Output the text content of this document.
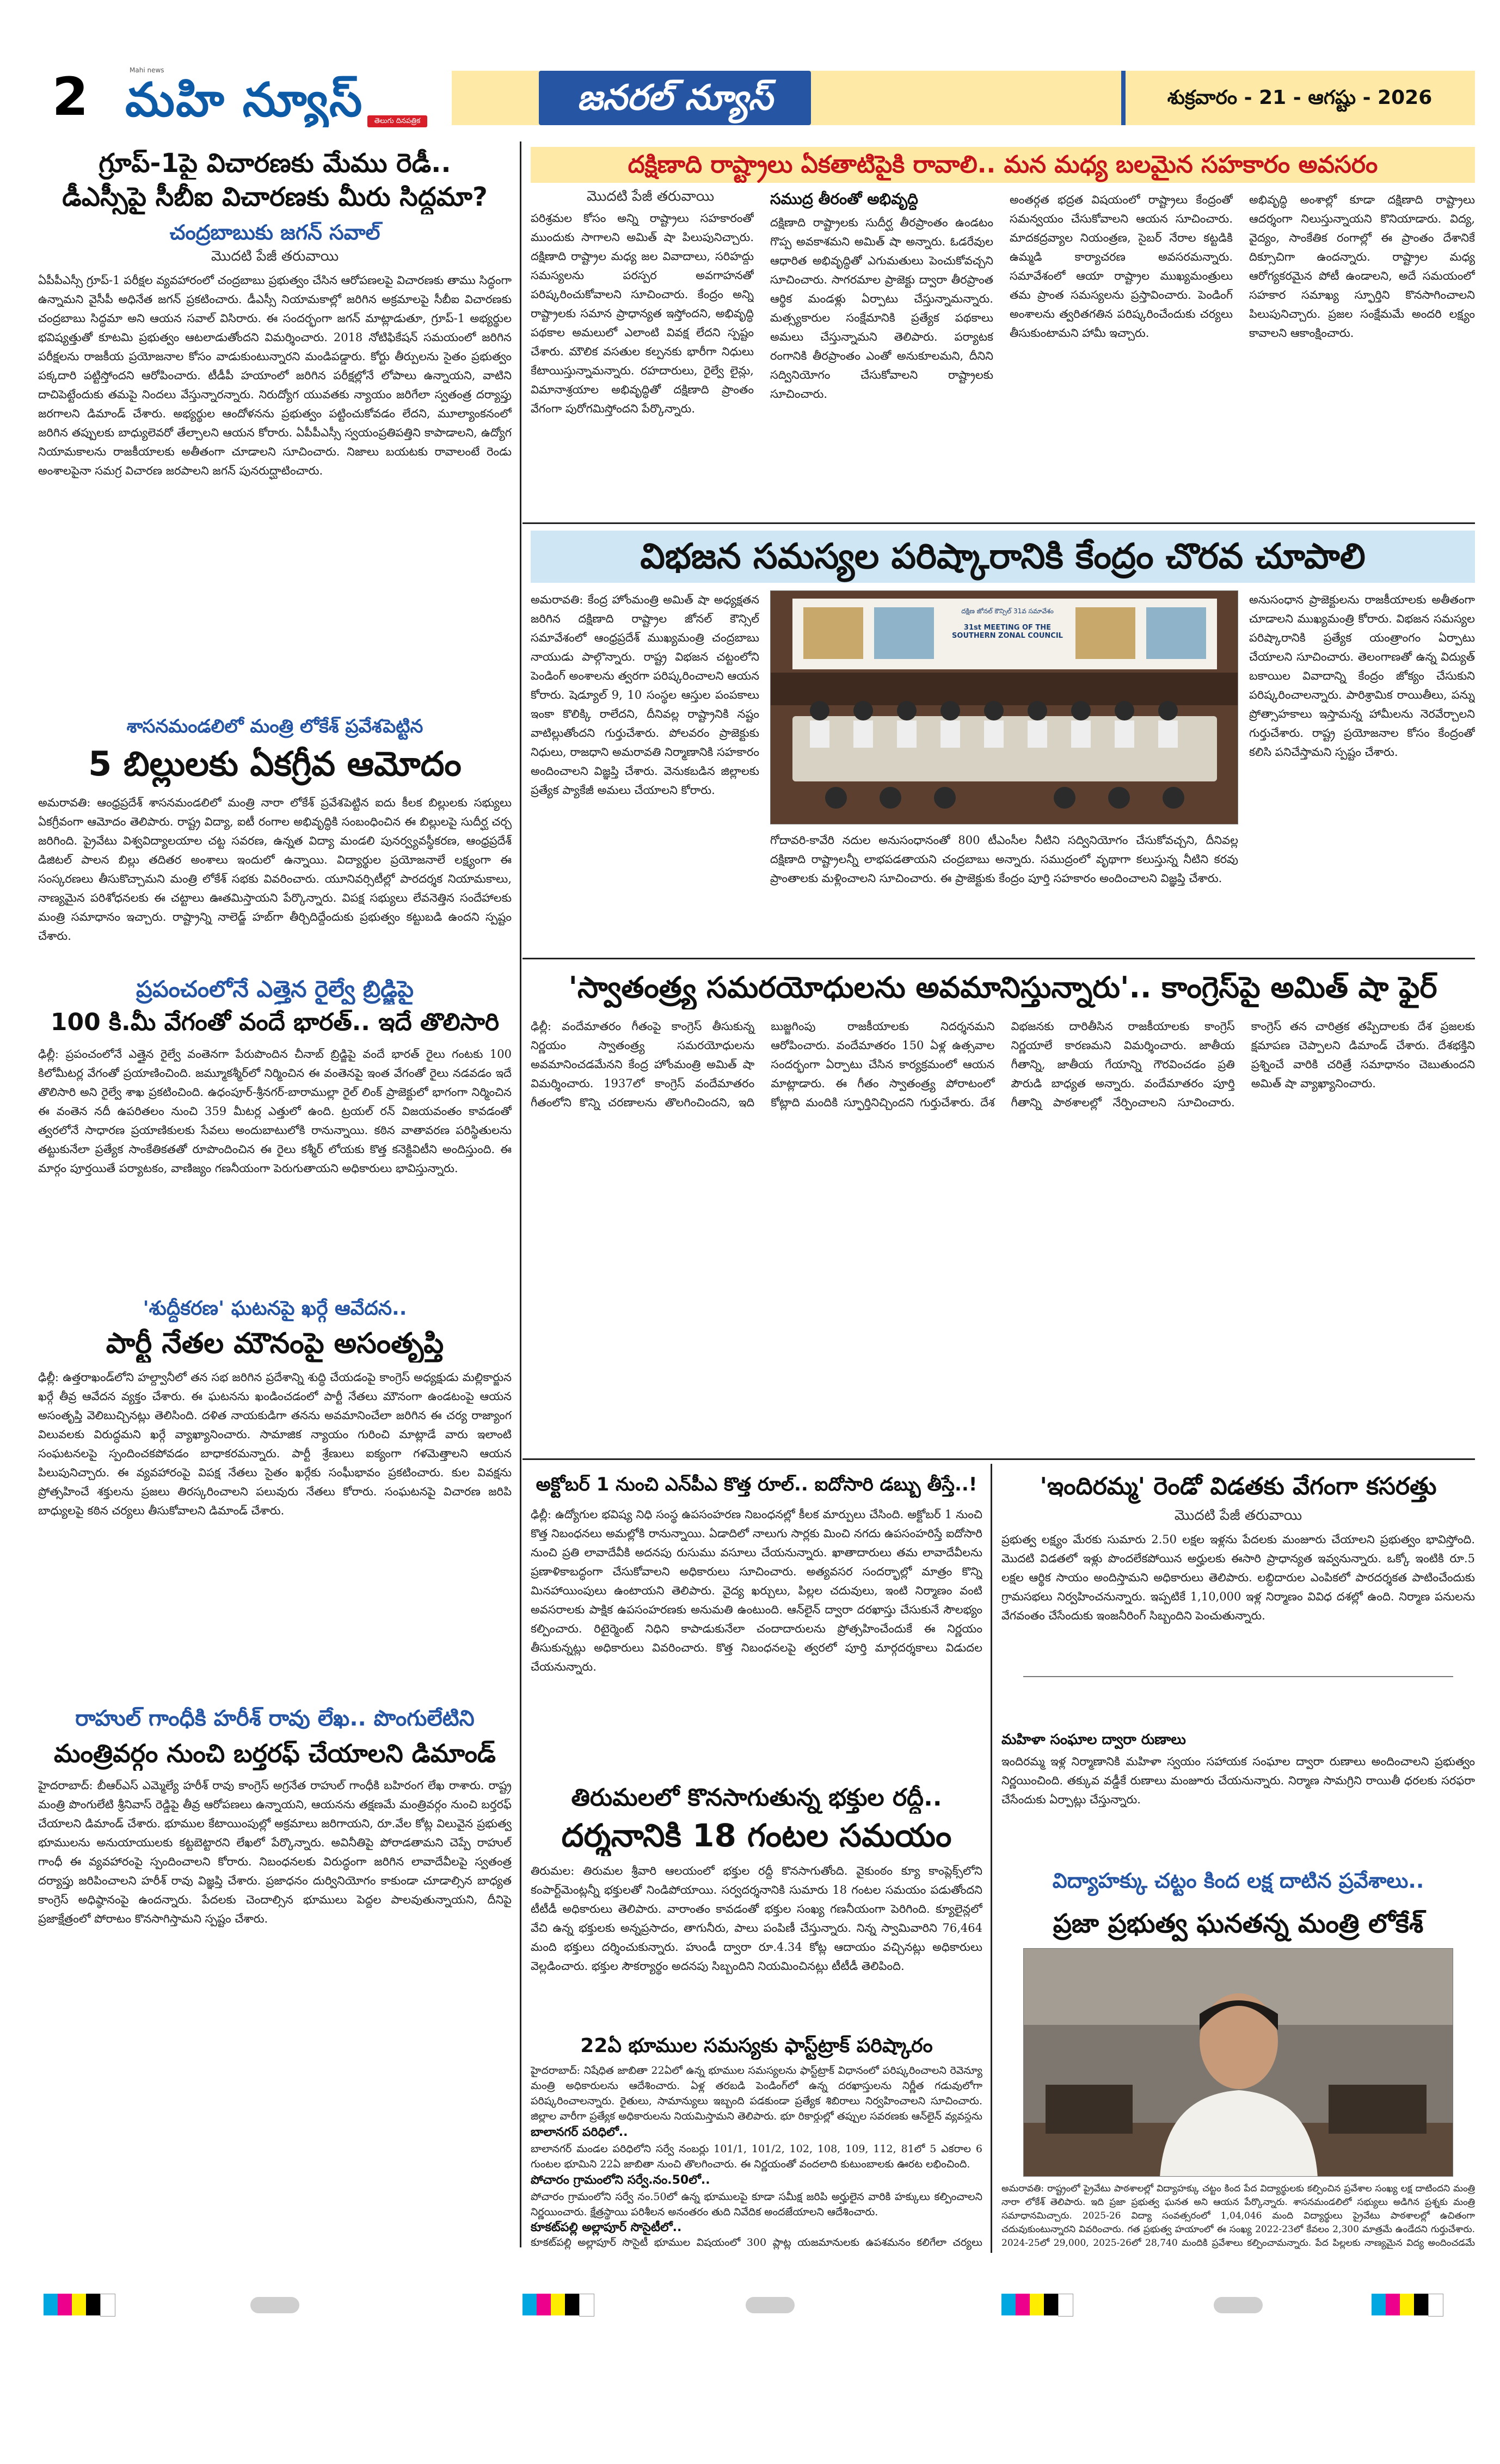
2	Mahi news
మహి న్యూస్	తెలుగు దినపత్రిక
జనరల్ న్యూస్	శుక్రవారం - 21 - ఆగష్టు - 2026
గ్రూప్-1పై విచారణకు మేము రెడీ..
డీఎస్సీపై సీబీఐ విచారణకు మీరు సిద్ధమా?
చంద్రబాబుకు జగన్ సవాల్
మొదటి పేజీ తరువాయి
ఏపీపీఎస్సీ గ్రూప్-1 పరీక్షల వ్యవహారంలో చంద్రబాబు ప్రభుత్వం చేసిన ఆరోపణలపై విచారణకు తాము సిద్ధంగా ఉన్నామని వైసీపీ అధినేత జగన్ ప్రకటించారు. డీఎస్సీ నియామకాల్లో జరిగిన అక్రమాలపై సీబీఐ విచారణకు చంద్రబాబు సిద్ధమా అని ఆయన సవాల్ విసిరారు. ఈ సందర్భంగా జగన్ మాట్లాడుతూ, గ్రూప్-1 అభ్యర్థుల భవిష్యత్తుతో కూటమి ప్రభుత్వం ఆటలాడుతోందని విమర్శించారు. 2018 నోటిఫికేషన్ సమయంలో జరిగిన పరీక్షలను రాజకీయ ప్రయోజనాల కోసం వాడుకుంటున్నారని మండిపడ్డారు. కోర్టు తీర్పులను సైతం ప్రభుత్వం పక్కదారి పట్టిస్తోందని ఆరోపించారు. టీడీపీ హయాంలో జరిగిన పరీక్షల్లోనే లోపాలు ఉన్నాయని, వాటిని దాచిపెట్టేందుకు తమపై నిందలు వేస్తున్నారన్నారు. నిరుద్యోగ యువతకు న్యాయం జరిగేలా స్వతంత్ర దర్యాప్తు జరగాలని డిమాండ్ చేశారు. అభ్యర్థుల ఆందోళనను ప్రభుత్వం పట్టించుకోవడం లేదని, మూల్యాంకనంలో జరిగిన తప్పులకు బాధ్యులెవరో తేల్చాలని ఆయన కోరారు. ఏపీపీఎస్సీ స్వయంప్రతిపత్తిని కాపాడాలని, ఉద్యోగ నియామకాలను రాజకీయాలకు అతీతంగా చూడాలని సూచించారు. నిజాలు బయటకు రావాలంటే రెండు అంశాలపైనా సమగ్ర విచారణ జరపాలని జగన్ పునరుద్ఘాటించారు.
శాసనమండలిలో మంత్రి లోకేశ్ ప్రవేశపెట్టిన
5 బిల్లులకు ఏకగ్రీవ ఆమోదం
అమరావతి: ఆంధ్రప్రదేశ్ శాసనమండలిలో మంత్రి నారా లోకేశ్ ప్రవేశపెట్టిన ఐదు కీలక బిల్లులకు సభ్యులు ఏకగ్రీవంగా ఆమోదం తెలిపారు. రాష్ట్ర విద్యా, ఐటీ రంగాల అభివృద్ధికి సంబంధించిన ఈ బిల్లులపై సుదీర్ఘ చర్చ జరిగింది. ప్రైవేటు విశ్వవిద్యాలయాల చట్ట సవరణ, ఉన్నత విద్యా మండలి పునర్వ్యవస్థీకరణ, ఆంధ్రప్రదేశ్ డిజిటల్ పాలన బిల్లు తదితర అంశాలు ఇందులో ఉన్నాయి. విద్యార్థుల ప్రయోజనాలే లక్ష్యంగా ఈ సంస్కరణలు తీసుకొచ్చామని మంత్రి లోకేశ్ సభకు వివరించారు. యూనివర్సిటీల్లో పారదర్శక నియామకాలు, నాణ్యమైన పరిశోధనలకు ఈ చట్టాలు ఊతమిస్తాయని పేర్కొన్నారు. విపక్ష సభ్యులు లేవనెత్తిన సందేహాలకు మంత్రి సమాధానం ఇచ్చారు. రాష్ట్రాన్ని నాలెడ్జ్ హబ్‌గా తీర్చిదిద్దేందుకు ప్రభుత్వం కట్టుబడి ఉందని స్పష్టం చేశారు.
ప్రపంచంలోనే ఎత్తైన రైల్వే బ్రిడ్జిపై
100 కి.మీ వేగంతో వందే భారత్.. ఇదే తొలిసారి
ఢిల్లీ: ప్రపంచంలోనే ఎత్తైన రైల్వే వంతెనగా పేరుపొందిన చీనాబ్ బ్రిడ్జిపై వందే భారత్ రైలు గంటకు 100 కిలోమీటర్ల వేగంతో ప్రయాణించింది. జమ్మూకశ్మీర్‌లో నిర్మించిన ఈ వంతెనపై ఇంత వేగంతో రైలు నడవడం ఇదే తొలిసారి అని రైల్వే శాఖ ప్రకటించింది. ఉధంపూర్-శ్రీనగర్-బారాముల్లా రైల్ లింక్ ప్రాజెక్టులో భాగంగా నిర్మించిన ఈ వంతెన నదీ ఉపరితలం నుంచి 359 మీటర్ల ఎత్తులో ఉంది. ట్రయల్ రన్ విజయవంతం కావడంతో త్వరలోనే సాధారణ ప్రయాణికులకు సేవలు అందుబాటులోకి రానున్నాయి. కఠిన వాతావరణ పరిస్థితులను తట్టుకునేలా ప్రత్యేక సాంకేతికతతో రూపొందించిన ఈ రైలు కశ్మీర్ లోయకు కొత్త కనెక్టివిటీని అందిస్తుంది. ఈ మార్గం పూర్తయితే పర్యాటకం, వాణిజ్యం గణనీయంగా పెరుగుతాయని అధికారులు భావిస్తున్నారు.
'శుద్ధీకరణ' ఘటనపై ఖర్గే ఆవేదన..
పార్టీ నేతల మౌనంపై అసంతృప్తి
ఢిల్లీ: ఉత్తరాఖండ్‌లోని హల్ద్వానీలో తన సభ జరిగిన ప్రదేశాన్ని శుద్ధి చేయడంపై కాంగ్రెస్ అధ్యక్షుడు మల్లికార్జున ఖర్గే తీవ్ర ఆవేదన వ్యక్తం చేశారు. ఈ ఘటనను ఖండించడంలో పార్టీ నేతలు మౌనంగా ఉండటంపై ఆయన అసంతృప్తి వెలిబుచ్చినట్లు తెలిసింది. దళిత నాయకుడిగా తనను అవమానించేలా జరిగిన ఈ చర్య రాజ్యాంగ విలువలకు విరుద్ధమని ఖర్గే వ్యాఖ్యానించారు. సామాజిక న్యాయం గురించి మాట్లాడే వారు ఇలాంటి సంఘటనలపై స్పందించకపోవడం బాధాకరమన్నారు. పార్టీ శ్రేణులు ఐక్యంగా గళమెత్తాలని ఆయన పిలుపునిచ్చారు. ఈ వ్యవహారంపై విపక్ష నేతలు సైతం ఖర్గేకు సంఘీభావం ప్రకటించారు. కుల వివక్షను ప్రోత్సహించే శక్తులను ప్రజలు తిరస్కరించాలని పలువురు నేతలు కోరారు. సంఘటనపై విచారణ జరిపి బాధ్యులపై కఠిన చర్యలు తీసుకోవాలని డిమాండ్ చేశారు.
రాహుల్ గాంధీకి హరీశ్ రావు లేఖ.. పొంగులేటిని
మంత్రివర్గం నుంచి బర్తరఫ్ చేయాలని డిమాండ్
హైదరాబాద్: బీఆర్ఎస్ ఎమ్మెల్యే హరీశ్ రావు కాంగ్రెస్ అగ్రనేత రాహుల్ గాంధీకి బహిరంగ లేఖ రాశారు. రాష్ట్ర మంత్రి పొంగులేటి శ్రీనివాస్ రెడ్డిపై తీవ్ర ఆరోపణలు ఉన్నాయని, ఆయనను తక్షణమే మంత్రివర్గం నుంచి బర్తరఫ్ చేయాలని డిమాండ్ చేశారు. భూముల కేటాయింపుల్లో అక్రమాలు జరిగాయని, రూ.వేల కోట్ల విలువైన ప్రభుత్వ భూములను అనుయాయులకు కట్టబెట్టారని లేఖలో పేర్కొన్నారు. అవినీతిపై పోరాడతామని చెప్పే రాహుల్ గాంధీ ఈ వ్యవహారంపై స్పందించాలని కోరారు. నిబంధనలకు విరుద్ధంగా జరిగిన లావాదేవీలపై స్వతంత్ర దర్యాప్తు జరిపించాలని హరీశ్ రావు విజ్ఞప్తి చేశారు. ప్రజాధనం దుర్వినియోగం కాకుండా చూడాల్సిన బాధ్యత కాంగ్రెస్ అధిష్ఠానంపై ఉందన్నారు. పేదలకు చెందాల్సిన భూములు పెద్దల పాలవుతున్నాయని, దీనిపై ప్రజాక్షేత్రంలో పోరాటం కొనసాగిస్తామని స్పష్టం చేశారు.
దక్షిణాది రాష్ట్రాలు ఏకతాటిపైకి రావాలి.. మన మధ్య బలమైన సహకారం అవసరం
మొదటి పేజీ తరువాయి
పరిశ్రమల కోసం అన్ని రాష్ట్రాలు సహకారంతో ముందుకు సాగాలని అమిత్ షా పిలుపునిచ్చారు. దక్షిణాది రాష్ట్రాల మధ్య జల వివాదాలు, సరిహద్దు సమస్యలను పరస్పర అవగాహనతో పరిష్కరించుకోవాలని సూచించారు. కేంద్రం అన్ని రాష్ట్రాలకు సమాన ప్రాధాన్యత ఇస్తోందని, అభివృద్ధి పథకాల అమలులో ఎలాంటి వివక్ష లేదని స్పష్టం చేశారు. మౌలిక వసతుల కల్పనకు భారీగా నిధులు కేటాయిస్తున్నామన్నారు. రహదారులు, రైల్వే లైన్లు, విమానాశ్రయాల అభివృద్ధితో దక్షిణాది ప్రాంతం వేగంగా పురోగమిస్తోందని పేర్కొన్నారు.
సముద్ర తీరంతో అభివృద్ధి
దక్షిణాది రాష్ట్రాలకు సుదీర్ఘ తీరప్రాంతం ఉండటం గొప్ప అవకాశమని అమిత్ షా అన్నారు. ఓడరేవుల ఆధారిత అభివృద్ధితో ఎగుమతులు పెంచుకోవచ్చని సూచించారు. సాగరమాల ప్రాజెక్టు ద్వారా తీరప్రాంత ఆర్థిక మండళ్లు ఏర్పాటు చేస్తున్నామన్నారు. మత్స్యకారుల సంక్షేమానికి ప్రత్యేక పథకాలు అమలు చేస్తున్నామని తెలిపారు. పర్యాటక రంగానికి తీరప్రాంతం ఎంతో అనుకూలమని, దీనిని సద్వినియోగం చేసుకోవాలని రాష్ట్రాలకు సూచించారు.
అంతర్గత భద్రత విషయంలో రాష్ట్రాలు కేంద్రంతో సమన్వయం చేసుకోవాలని ఆయన సూచించారు. మాదకద్రవ్యాల నియంత్రణ, సైబర్ నేరాల కట్టడికి ఉమ్మడి కార్యాచరణ అవసరమన్నారు. సమావేశంలో ఆయా రాష్ట్రాల ముఖ్యమంత్రులు తమ ప్రాంత సమస్యలను ప్రస్తావించారు. పెండింగ్ అంశాలను త్వరితగతిన పరిష్కరించేందుకు చర్యలు తీసుకుంటామని హామీ ఇచ్చారు.
అభివృద్ధి అంశాల్లో కూడా దక్షిణాది రాష్ట్రాలు ఆదర్శంగా నిలుస్తున్నాయని కొనియాడారు. విద్య, వైద్యం, సాంకేతిక రంగాల్లో ఈ ప్రాంతం దేశానికే దిక్సూచిగా ఉందన్నారు. రాష్ట్రాల మధ్య ఆరోగ్యకరమైన పోటీ ఉండాలని, అదే సమయంలో సహకార సమాఖ్య స్ఫూర్తిని కొనసాగించాలని పిలుపునిచ్చారు. ప్రజల సంక్షేమమే అందరి లక్ష్యం కావాలని ఆకాంక్షించారు.
విభజన సమస్యల పరిష్కారానికి కేంద్రం చొరవ చూపాలి
అమరావతి: కేంద్ర హోంమంత్రి అమిత్ షా అధ్యక్షతన జరిగిన దక్షిణాది రాష్ట్రాల జోనల్ కౌన్సిల్ సమావేశంలో ఆంధ్రప్రదేశ్ ముఖ్యమంత్రి చంద్రబాబు నాయుడు పాల్గొన్నారు. రాష్ట్ర విభజన చట్టంలోని పెండింగ్ అంశాలను త్వరగా పరిష్కరించాలని ఆయన కోరారు. షెడ్యూల్ 9, 10 సంస్థల ఆస్తుల పంపకాలు ఇంకా కొలిక్కి రాలేదని, దీనివల్ల రాష్ట్రానికి నష్టం వాటిల్లుతోందని గుర్తుచేశారు. పోలవరం ప్రాజెక్టుకు నిధులు, రాజధాని అమరావతి నిర్మాణానికి సహకారం అందించాలని విజ్ఞప్తి చేశారు. వెనుకబడిన జిల్లాలకు ప్రత్యేక ప్యాకేజీ అమలు చేయాలని కోరారు.
31st MEETING OF THE SOUTHERN ZONAL COUNCIL
దక్షిణ జోనల్ కౌన్సిల్ 31వ సమావేశం
అనుసంధాన ప్రాజెక్టులను రాజకీయాలకు అతీతంగా చూడాలని ముఖ్యమంత్రి కోరారు. విభజన సమస్యల పరిష్కారానికి ప్రత్యేక యంత్రాంగం ఏర్పాటు చేయాలని సూచించారు. తెలంగాణతో ఉన్న విద్యుత్ బకాయిల వివాదాన్ని కేంద్రం జోక్యం చేసుకుని పరిష్కరించాలన్నారు. పారిశ్రామిక రాయితీలు, పన్ను ప్రోత్సాహకాలు ఇస్తామన్న హామీలను నెరవేర్చాలని గుర్తుచేశారు. రాష్ట్ర ప్రయోజనాల కోసం కేంద్రంతో కలిసి పనిచేస్తామని స్పష్టం చేశారు.
గోదావరి-కావేరి నదుల అనుసంధానంతో 800 టీఎంసీల నీటిని సద్వినియోగం చేసుకోవచ్చని, దీనివల్ల దక్షిణాది రాష్ట్రాలన్నీ లాభపడతాయని చంద్రబాబు అన్నారు. సముద్రంలో వృథాగా కలుస్తున్న నీటిని కరవు ప్రాంతాలకు మళ్లించాలని సూచించారు. ఈ ప్రాజెక్టుకు కేంద్రం పూర్తి సహకారం అందించాలని విజ్ఞప్తి చేశారు.
'స్వాతంత్ర్య సమరయోధులను అవమానిస్తున్నారు'.. కాంగ్రెస్‌పై అమిత్ షా ఫైర్
ఢిల్లీ: వందేమాతరం గీతంపై కాంగ్రెస్ తీసుకున్న నిర్ణయం స్వాతంత్ర్య సమరయోధులను అవమానించడమేనని కేంద్ర హోంమంత్రి అమిత్ షా విమర్శించారు. 1937లో కాంగ్రెస్ వందేమాతరం గీతంలోని కొన్ని చరణాలను తొలగించిందని, ఇది బుజ్జగింపు రాజకీయాలకు నిదర్శనమని ఆరోపించారు. వందేమాతరం 150 ఏళ్ల ఉత్సవాల సందర్భంగా ఏర్పాటు చేసిన కార్యక్రమంలో ఆయన మాట్లాడారు. ఈ గీతం స్వాతంత్ర్య పోరాటంలో కోట్లాది మందికి స్ఫూర్తినిచ్చిందని గుర్తుచేశారు. దేశ విభజనకు దారితీసిన రాజకీయాలకు కాంగ్రెస్ నిర్ణయాలే కారణమని విమర్శించారు. జాతీయ గీతాన్ని, జాతీయ గేయాన్ని గౌరవించడం ప్రతి పౌరుడి బాధ్యత అన్నారు. వందేమాతరం పూర్తి గీతాన్ని పాఠశాలల్లో నేర్పించాలని సూచించారు. కాంగ్రెస్ తన చారిత్రక తప్పిదాలకు దేశ ప్రజలకు క్షమాపణ చెప్పాలని డిమాండ్ చేశారు. దేశభక్తిని ప్రశ్నించే వారికి చరిత్రే సమాధానం చెబుతుందని అమిత్ షా వ్యాఖ్యానించారు.
అక్టోబర్ 1 నుంచి ఎన్‌పీఎ కొత్త రూల్.. ఐదోసారి డబ్బు తీస్తే..!
ఢిల్లీ: ఉద్యోగుల భవిష్య నిధి సంస్థ ఉపసంహరణ నిబంధనల్లో కీలక మార్పులు చేసింది. అక్టోబర్ 1 నుంచి కొత్త నిబంధనలు అమల్లోకి రానున్నాయి. ఏడాదిలో నాలుగు సార్లకు మించి నగదు ఉపసంహరిస్తే ఐదోసారి నుంచి ప్రతి లావాదేవీకి అదనపు రుసుము వసూలు చేయనున్నారు. ఖాతాదారులు తమ లావాదేవీలను ప్రణాళికాబద్ధంగా చేసుకోవాలని అధికారులు సూచించారు. అత్యవసర సందర్భాల్లో మాత్రం కొన్ని మినహాయింపులు ఉంటాయని తెలిపారు. వైద్య ఖర్చులు, పిల్లల చదువులు, ఇంటి నిర్మాణం వంటి అవసరాలకు పాక్షిక ఉపసంహరణకు అనుమతి ఉంటుంది. ఆన్‌లైన్ ద్వారా దరఖాస్తు చేసుకునే సౌలభ్యం కల్పించారు. రిటైర్మెంట్ నిధిని కాపాడుకునేలా చందాదారులను ప్రోత్సహించేందుకే ఈ నిర్ణయం తీసుకున్నట్లు అధికారులు వివరించారు. కొత్త నిబంధనలపై త్వరలో పూర్తి మార్గదర్శకాలు విడుదల చేయనున్నారు.
తిరుమలలో కొనసాగుతున్న భక్తుల రద్దీ..
దర్శనానికి 18 గంటల సమయం
తిరుమల: తిరుమల శ్రీవారి ఆలయంలో భక్తుల రద్దీ కొనసాగుతోంది. వైకుంఠం క్యూ కాంప్లెక్స్‌లోని కంపార్ట్‌మెంట్లన్నీ భక్తులతో నిండిపోయాయి. సర్వదర్శనానికి సుమారు 18 గంటల సమయం పడుతోందని టీటీడీ అధికారులు తెలిపారు. వారాంతం కావడంతో భక్తుల సంఖ్య గణనీయంగా పెరిగింది. క్యూలైన్లలో వేచి ఉన్న భక్తులకు అన్నప్రసాదం, తాగునీరు, పాలు పంపిణీ చేస్తున్నారు. నిన్న స్వామివారిని 76,464 మంది భక్తులు దర్శించుకున్నారు. హుండీ ద్వారా రూ.4.34 కోట్ల ఆదాయం వచ్చినట్లు అధికారులు వెల్లడించారు. భక్తుల సౌకర్యార్థం అదనపు సిబ్బందిని నియమించినట్లు టీటీడీ తెలిపింది.
22ఏ భూముల సమస్యకు ఫాస్ట్‌ట్రాక్ పరిష్కారం
హైదరాబాద్: నిషేధిత జాబితా 22ఏలో ఉన్న భూముల సమస్యలను ఫాస్ట్‌ట్రాక్ విధానంలో పరిష్కరించాలని రెవెన్యూ మంత్రి అధికారులను ఆదేశించారు. ఏళ్ల తరబడి పెండింగ్‌లో ఉన్న దరఖాస్తులను నిర్ణీత గడువులోగా పరిష్కరించాలన్నారు. రైతులు, సామాన్యులు ఇబ్బంది పడకుండా ప్రత్యేక శిబిరాలు నిర్వహించాలని సూచించారు. జిల్లాల వారీగా ప్రత్యేక అధికారులను నియమిస్తామని తెలిపారు. భూ రికార్డుల్లో తప్పుల సవరణకు ఆన్‌లైన్ వ్యవస్థను
బాలానగర్ పరిధిలో..
బాలానగర్ మండల పరిధిలోని సర్వే నంబర్లు 101/1, 101/2, 102, 108, 109, 112, 81లో 5 ఎకరాల 6 గుంటల భూమిని 22ఏ జాబితా నుంచి తొలగించారు. ఈ నిర్ణయంతో వందలాది కుటుంబాలకు ఊరట లభించింది.
పోచారం గ్రామంలోని సర్వే.నం.50లో..
పోచారం గ్రామంలోని సర్వే నం.50లో ఉన్న భూములపై కూడా సమీక్ష జరిపి అర్హులైన వారికి హక్కులు కల్పించాలని నిర్ణయించారు. క్షేత్రస్థాయి పరిశీలన అనంతరం తుది నివేదిక అందజేయాలని ఆదేశించారు.
కూకట్‌పల్లి అల్లాపూర్ సొసైటీలో..
కూకట్‌పల్లి అల్లాపూర్ సొసైటీ భూముల విషయంలో 300 ప్లాట్ల యజమానులకు ఉపశమనం కలిగేలా చర్యలు
'ఇందిరమ్మ' రెండో విడతకు వేగంగా కసరత్తు
మొదటి పేజీ తరువాయి
ప్రభుత్వ లక్ష్యం మేరకు సుమారు 2.50 లక్షల ఇళ్లను పేదలకు మంజూరు చేయాలని ప్రభుత్వం భావిస్తోంది. మొదటి విడతలో ఇళ్లు పొందలేకపోయిన అర్హులకు ఈసారి ప్రాధాన్యత ఇవ్వనున్నారు. ఒక్కో ఇంటికి రూ.5 లక్షల ఆర్థిక సాయం అందిస్తామని అధికారులు తెలిపారు. లబ్ధిదారుల ఎంపికలో పారదర్శకత పాటించేందుకు గ్రామసభలు నిర్వహించనున్నారు. ఇప్పటికే 1,10,000 ఇళ్ల నిర్మాణం వివిధ దశల్లో ఉంది. నిర్మాణ పనులను వేగవంతం చేసేందుకు ఇంజనీరింగ్ సిబ్బందిని పెంచుతున్నారు.
మహిళా సంఘాల ద్వారా రుణాలు
ఇందిరమ్మ ఇళ్ల నిర్మాణానికి మహిళా స్వయం సహాయక సంఘాల ద్వారా రుణాలు అందించాలని ప్రభుత్వం నిర్ణయించింది. తక్కువ వడ్డీకే రుణాలు మంజూరు చేయనున్నారు. నిర్మాణ సామగ్రిని రాయితీ ధరలకు సరఫరా చేసేందుకు ఏర్పాట్లు చేస్తున్నారు.
విద్యాహక్కు చట్టం కింద లక్ష దాటిన ప్రవేశాలు..
ప్రజా ప్రభుత్వ ఘనతన్న మంత్రి లోకేశ్
అమరావతి: రాష్ట్రంలో ప్రైవేటు పాఠశాలల్లో విద్యాహక్కు చట్టం కింద పేద విద్యార్థులకు కల్పించిన ప్రవేశాల సంఖ్య లక్ష దాటిందని మంత్రి నారా లోకేశ్ తెలిపారు. ఇది ప్రజా ప్రభుత్వ ఘనత అని ఆయన పేర్కొన్నారు. శాసనమండలిలో సభ్యులు అడిగిన ప్రశ్నకు మంత్రి సమాధానమిచ్చారు. 2025-26 విద్యా సంవత్సరంలో 1,04,046 మంది విద్యార్థులు ప్రైవేటు పాఠశాలల్లో ఉచితంగా చదువుకుంటున్నారని వివరించారు. గత ప్రభుత్వ హయాంలో ఈ సంఖ్య 2022-23లో కేవలం 2,300 మాత్రమే ఉండేదని గుర్తుచేశారు. 2024-25లో 29,000, 2025-26లో 28,740 మందికి ప్రవేశాలు కల్పించామన్నారు. పేద పిల్లలకు నాణ్యమైన విద్య అందించడమే
